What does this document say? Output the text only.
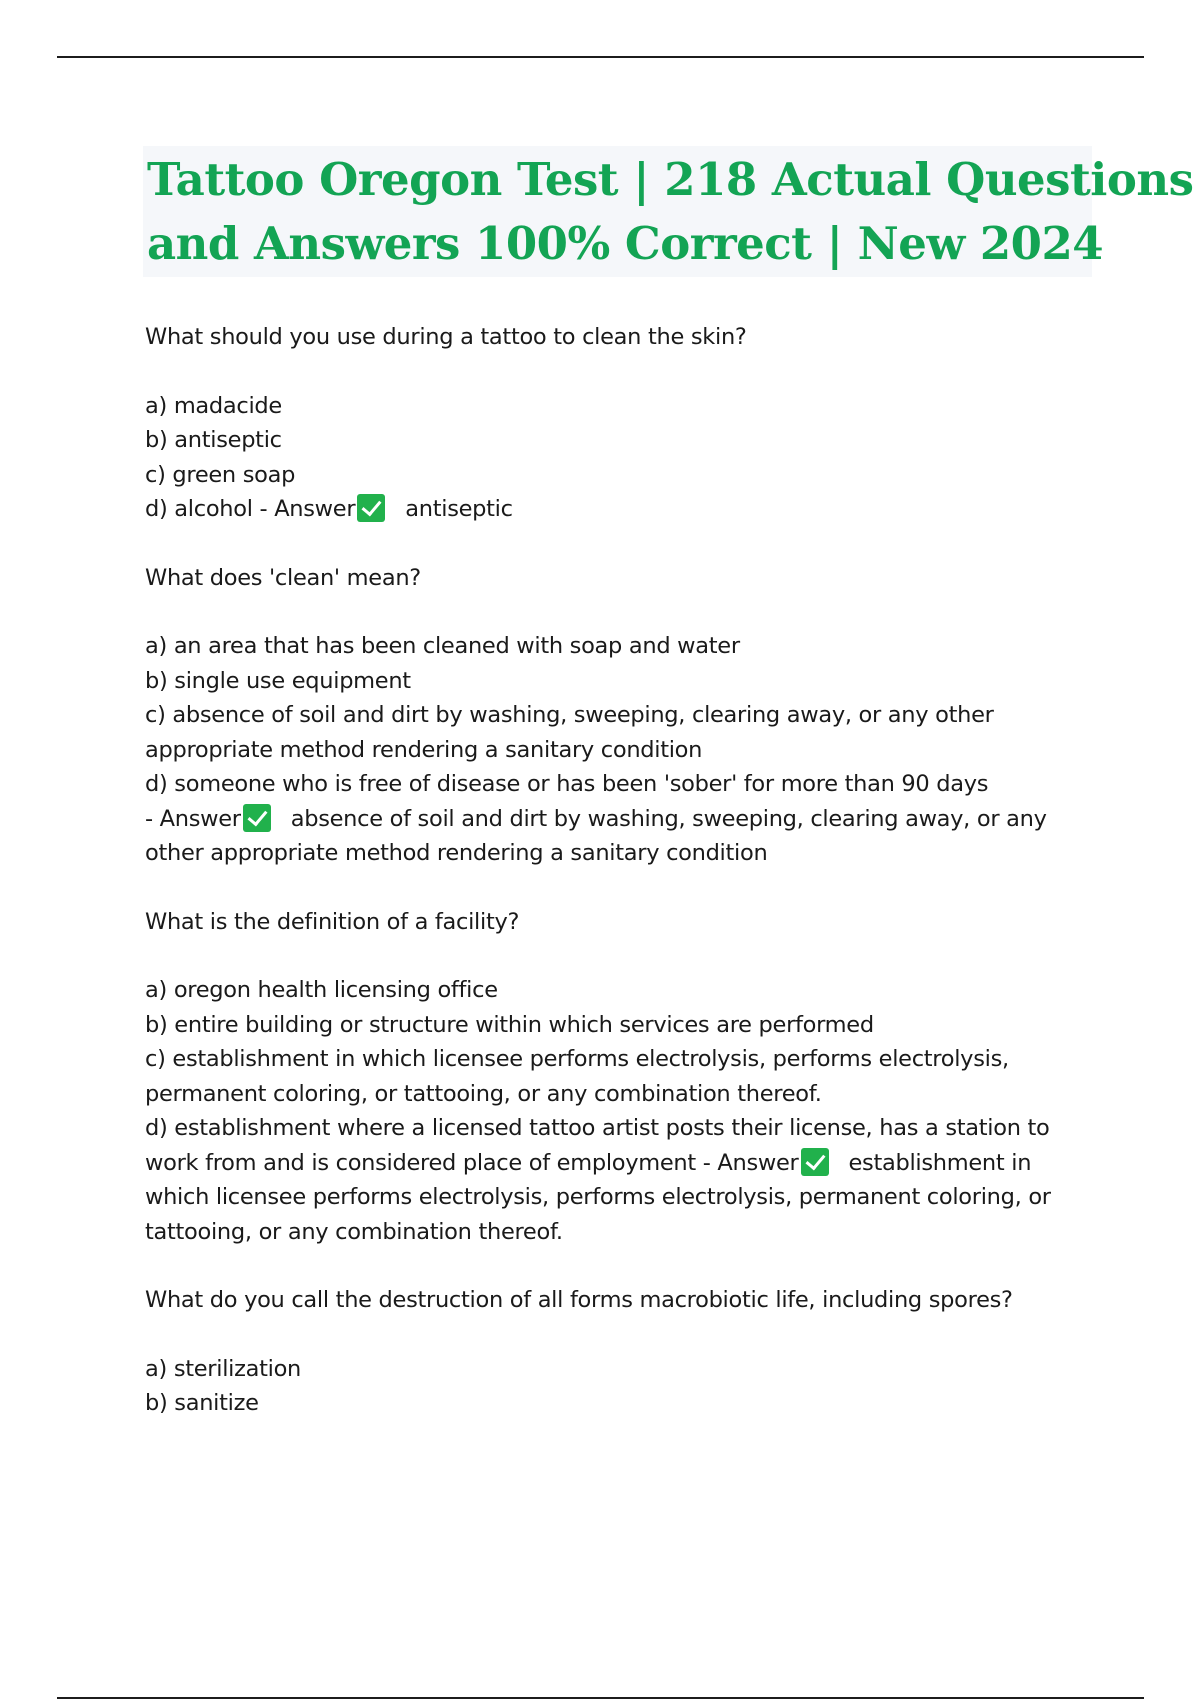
Tattoo Oregon Test | 218 Actual Questions
and Answers 100% Correct | New 2024

What should you use during a tattoo to clean the skin?

a) madacide
b) antiseptic
c) green soap
d) alcohol - Answer antiseptic

What does 'clean' mean?

a) an area that has been cleaned with soap and water
b) single use equipment
c) absence of soil and dirt by washing, sweeping, clearing away, or any other appropriate method rendering a sanitary condition
d) someone who is free of disease or has been 'sober' for more than 90 days - Answer absence of soil and dirt by washing, sweeping, clearing away, or any other appropriate method rendering a sanitary condition

What is the definition of a facility?

a) oregon health licensing office
b) entire building or structure within which services are performed
c) establishment in which licensee performs electrolysis, performs electrolysis, permanent coloring, or tattooing, or any combination thereof.
d) establishment where a licensed tattoo artist posts their license, has a station to work from and is considered place of employment - Answer establishment in which licensee performs electrolysis, performs electrolysis, permanent coloring, or tattooing, or any combination thereof.

What do you call the destruction of all forms macrobiotic life, including spores?

a) sterilization
b) sanitize
